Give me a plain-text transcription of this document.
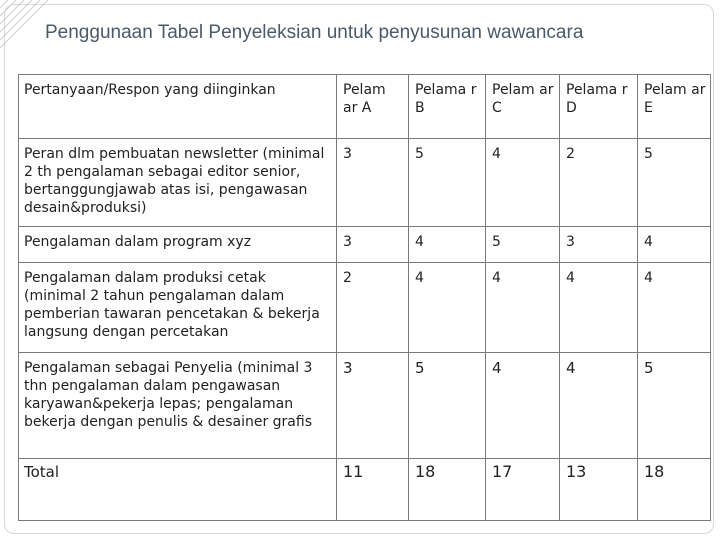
Penggunaan Tabel Penyeleksian untuk penyusunan wawancara
Pertanyaan/Respon yang diinginkan	Pelam ar A	Pelama r B	Pelam ar C	Pelama r D	Pelam ar E
Peran dlm pembuatan newsletter (minimal 2 th pengalaman sebagai editor senior, bertanggungjawab atas isi, pengawasan desain&produksi)	3	5	4	2	5
Pengalaman dalam program xyz	3	4	5	3	4
Pengalaman dalam produksi cetak (minimal 2 tahun pengalaman dalam pemberian tawaran pencetakan & bekerja langsung dengan percetakan	2	4	4	4	4
Pengalaman sebagai Penyelia (minimal 3 thn pengalaman dalam pengawasan karyawan&pekerja lepas; pengalaman bekerja dengan penulis & desainer grafis	3	5	4	4	5
Total	11	18	17	13	18
